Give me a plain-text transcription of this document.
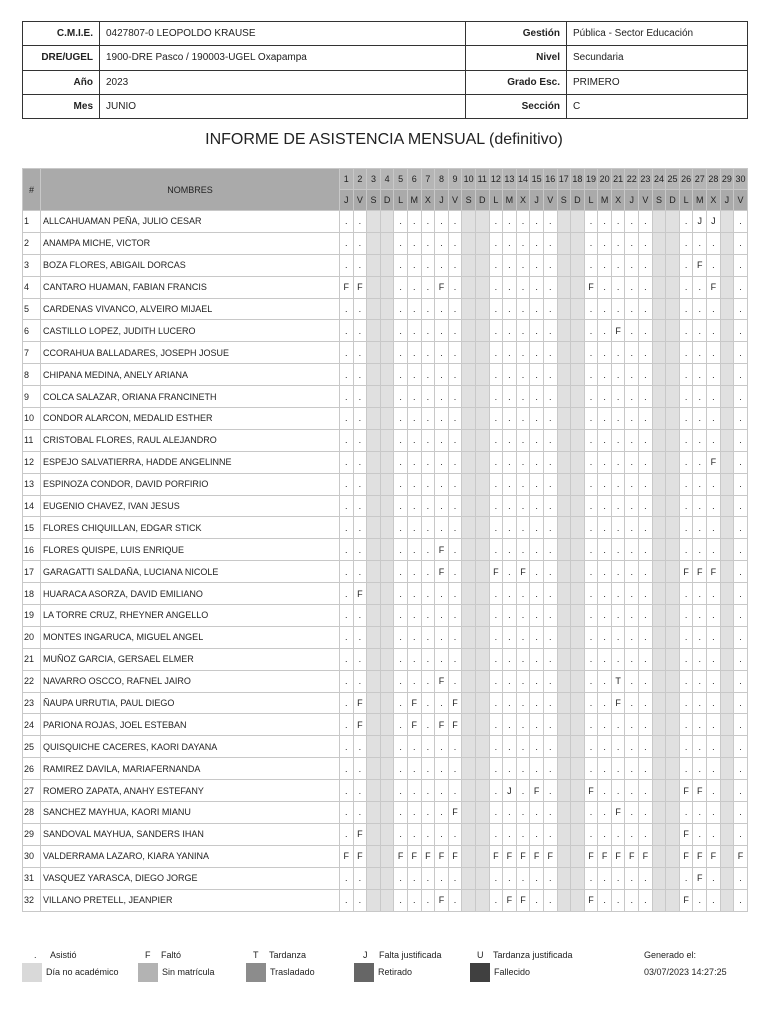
C.M.I.E.	0427807-0 LEOPOLDO KRAUSE	Gestión	Pública - Sector Educación
DRE/UGEL	1900-DRE Pasco / 190003-UGEL Oxapampa	Nivel	Secundaria
Año	2023	Grado Esc.	PRIMERO
Mes	JUNIO	Sección	C
INFORME DE ASISTENCIA MENSUAL (definitivo)
#	NOMBRES	1	2	3	4	5	6	7	8	9	10	11	12	13	14	15	16	17	18	19	20	21	22	23	24	25	26	27	28	29	30
		J	V	S	D	L	M	X	J	V	S	D	L	M	X	J	V	S	D	L	M	X	J	V	S	D	L	M	X	J	V
1	ALLCAHUAMAN PEÑA, JULIO CESAR	.	.			.	.	.	.	.			.	.	.	.	.			.	.	.	.	.			.	J	J		.
2	ANAMPA MICHE, VICTOR	.	.			.	.	.	.	.			.	.	.	.	.			.	.	.	.	.			.	.	.		.
3	BOZA FLORES, ABIGAIL DORCAS	.	.			.	.	.	.	.			.	.	.	.	.			.	.	.	.	.			.	F	.		.
4	CANTARO HUAMAN, FABIAN FRANCIS	F	F			.	.	.	F	.			.	.	.	.	.			F	.	.	.	.			.	.	F		.
5	CARDENAS VIVANCO, ALVEIRO MIJAEL	.	.			.	.	.	.	.			.	.	.	.	.			.	.	.	.	.			.	.	.		.
6	CASTILLO LOPEZ, JUDITH LUCERO	.	.			.	.	.	.	.			.	.	.	.	.			.	.	F	.	.			.	.	.		.
7	CCORAHUA BALLADARES, JOSEPH JOSUE	.	.			.	.	.	.	.			.	.	.	.	.			.	.	.	.	.			.	.	.		.
8	CHIPANA MEDINA, ANELY ARIANA	.	.			.	.	.	.	.			.	.	.	.	.			.	.	.	.	.			.	.	.		.
9	COLCA SALAZAR, ORIANA FRANCINETH	.	.			.	.	.	.	.			.	.	.	.	.			.	.	.	.	.			.	.	.		.
10	CONDOR ALARCON, MEDALID ESTHER	.	.			.	.	.	.	.			.	.	.	.	.			.	.	.	.	.			.	.	.		.
11	CRISTOBAL FLORES, RAUL ALEJANDRO	.	.			.	.	.	.	.			.	.	.	.	.			.	.	.	.	.			.	.	.		.
12	ESPEJO SALVATIERRA, HADDE ANGELINNE	.	.			.	.	.	.	.			.	.	.	.	.			.	.	.	.	.			.	.	F		.
13	ESPINOZA CONDOR, DAVID PORFIRIO	.	.			.	.	.	.	.			.	.	.	.	.			.	.	.	.	.			.	.	.		.
14	EUGENIO CHAVEZ, IVAN JESUS	.	.			.	.	.	.	.			.	.	.	.	.			.	.	.	.	.			.	.	.		.
15	FLORES CHIQUILLAN, EDGAR STICK	.	.			.	.	.	.	.			.	.	.	.	.			.	.	.	.	.			.	.	.		.
16	FLORES QUISPE, LUIS ENRIQUE	.	.			.	.	.	F	.			.	.	.	.	.			.	.	.	.	.			.	.	.		.
17	GARAGATTI SALDAÑA, LUCIANA NICOLE	.	.			.	.	.	F	.			F	.	F	.	.			.	.	.	.	.			F	F	F		.
18	HUARACA ASORZA, DAVID EMILIANO	.	F			.	.	.	.	.			.	.	.	.	.			.	.	.	.	.			.	.	.		.
19	LA TORRE CRUZ, RHEYNER ANGELLO	.	.			.	.	.	.	.			.	.	.	.	.			.	.	.	.	.			.	.	.		.
20	MONTES INGARUCA, MIGUEL ANGEL	.	.			.	.	.	.	.			.	.	.	.	.			.	.	.	.	.			.	.	.		.
21	MUÑOZ GARCIA, GERSAEL ELMER	.	.			.	.	.	.	.			.	.	.	.	.			.	.	.	.	.			.	.	.		.
22	NAVARRO OSCCO, RAFNEL JAIRO	.	.			.	.	.	F	.			.	.	.	.	.			.	.	T	.	.			.	.	.		.
23	ÑAUPA URRUTIA, PAUL DIEGO	.	F			.	F	.	.	F			.	.	.	.	.			.	.	F	.	.			.	.	.		.
24	PARIONA ROJAS, JOEL ESTEBAN	.	F			.	F	.	F	F			.	.	.	.	.			.	.	.	.	.			.	.	.		.
25	QUISQUICHE CACERES, KAORI DAYANA	.	.			.	.	.	.	.			.	.	.	.	.			.	.	.	.	.			.	.	.		.
26	RAMIREZ DAVILA, MARIAFERNANDA	.	.			.	.	.	.	.			.	.	.	.	.			.	.	.	.	.			.	.	.		.
27	ROMERO ZAPATA, ANAHY ESTEFANY	.	.			.	.	.	.	.			.	J	.	F	.			F	.	.	.	.			F	F	.		.
28	SANCHEZ MAYHUA, KAORI MIANU	.	.			.	.	.	.	F			.	.	.	.	.			.	.	F	.	.			.	.	.		.
29	SANDOVAL MAYHUA, SANDERS IHAN	.	F			.	.	.	.	.			.	.	.	.	.			.	.	.	.	.			F	.	.		.
30	VALDERRAMA LAZARO, KIARA YANINA	F	F			F	F	F	F	F			F	F	F	F	F			F	F	F	F	F			F	F	F		F
31	VASQUEZ YARASCA, DIEGO JORGE	.	.			.	.	.	.	.			.	.	.	.	.			.	.	.	.	.			.	F	.		.
32	VILLANO PRETELL, JEANPIER	.	.			.	.	.	F	.			.	F	F	.	.			F	.	.	.	.			F	.	.		.
. Asistió	F Faltó	T Tardanza	J Falta justificada	U Tardanza justificada	Generado el:
Día no académico	Sin matrícula	Trasladado	Retirado	Fallecido	03/07/2023 14:27:25
